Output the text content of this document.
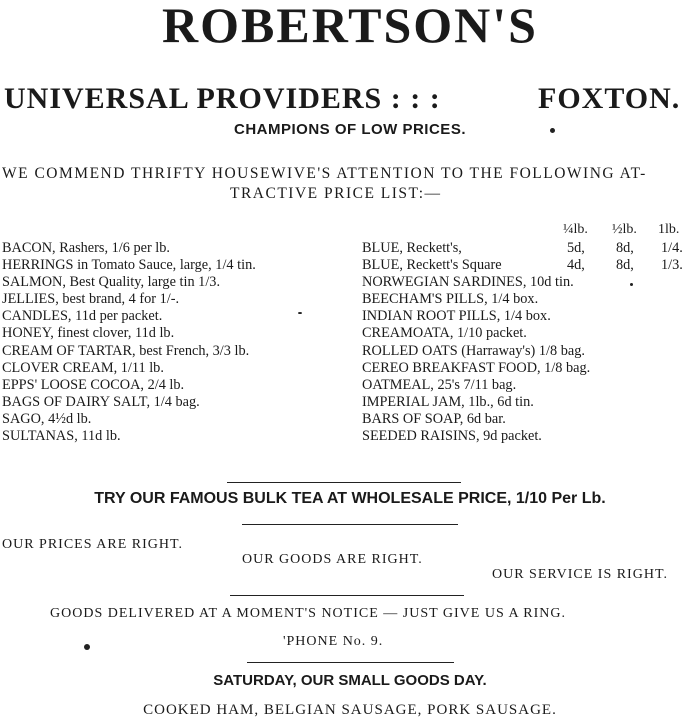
ROBERTSON'S
UNIVERSAL PROVIDERS : : :	FOXTON.
CHAMPIONS OF LOW PRICES.
WE COMMEND THRIFTY HOUSEWIVE'S ATTENTION TO THE FOLLOWING AT-
TRACTIVE PRICE LIST:—
¼lb. ½lb. 1lb.
BACON, Rashers, 1/6 per lb.
HERRINGS in Tomato Sauce, large, 1/4 tin.
SALMON, Best Quality, large tin 1/3.
JELLIES, best brand, 4 for 1/-.
CANDLES, 11d per packet.
HONEY, finest clover, 11d lb.
CREAM OF TARTAR, best French, 3/3 lb.
CLOVER CREAM, 1/11 lb.
EPPS' LOOSE COCOA, 2/4 lb.
BAGS OF DAIRY SALT, 1/4 bag.
SAGO, 4½d lb.
SULTANAS, 11d lb.
BLUE, Reckett's,
BLUE, Reckett's Square
NORWEGIAN SARDINES, 10d tin.
BEECHAM'S PILLS, 1/4 box.
INDIAN ROOT PILLS, 1/4 box.
CREAMOATA, 1/10 packet.
ROLLED OATS (Harraway's) 1/8 bag.
CEREO BREAKFAST FOOD, 1/8 bag.
OATMEAL, 25's 7/11 bag.
IMPERIAL JAM, 1lb., 6d tin.
BARS OF SOAP, 6d bar.
SEEDED RAISINS, 9d packet.
5d, 8d, 1/4.
4d, 8d, 1/3.
TRY OUR FAMOUS BULK TEA AT WHOLESALE PRICE, 1/10 Per Lb.
OUR PRICES ARE RIGHT.
OUR GOODS ARE RIGHT.
OUR SERVICE IS RIGHT.
GOODS DELIVERED AT A MOMENT'S NOTICE — JUST GIVE US A RING.
'PHONE No. 9.
SATURDAY, OUR SMALL GOODS DAY.
COOKED HAM, BELGIAN SAUSAGE, PORK SAUSAGE.
